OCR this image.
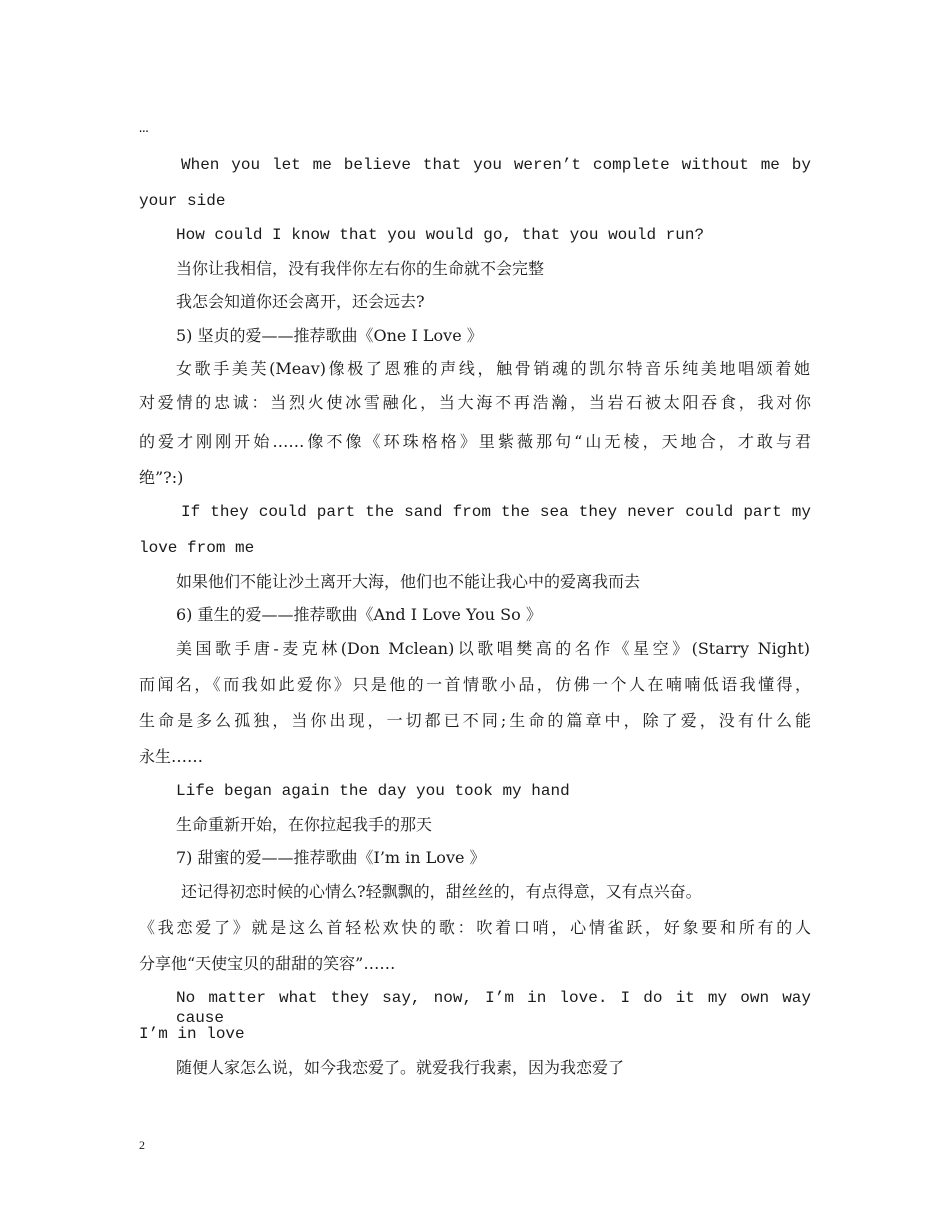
…
When you let me believe that you weren’t complete without me by
your side
How could I know that you would go, that you would run?
当你让我相信，没有我伴你左右你的生命就不会完整
我怎会知道你还会离开，还会远去?
5) 坚贞的爱——推荐歌曲《One I Love 》
女歌手美芙(Meav)像极了恩雅的声线，触骨销魂的凯尔特音乐纯美地唱颂着她
对爱情的忠诚：当烈火使冰雪融化，当大海不再浩瀚，当岩石被太阳吞食，我对你
的爱才刚刚开始……像不像《环珠格格》里紫薇那句“山无棱，天地合，才敢与君
绝”?:)
If they could part the sand from the sea they never could part my
love from me
如果他们不能让沙土离开大海，他们也不能让我心中的爱离我而去
6) 重生的爱——推荐歌曲《And I Love You So 》
美国歌手唐-麦克林(Don Mclean)以歌唱樊高的名作《星空》(Starry Night)
而闻名，《而我如此爱你》只是他的一首情歌小品，仿佛一个人在喃喃低语我懂得，
生命是多么孤独，当你出现，一切都已不同;生命的篇章中，除了爱，没有什么能
永生……
Life began again the day you took my hand
生命重新开始，在你拉起我手的那天
7) 甜蜜的爱——推荐歌曲《I’m in Love 》
还记得初恋时候的心情么?轻飘飘的，甜丝丝的，有点得意，又有点兴奋。
《我恋爱了》就是这么首轻松欢快的歌：吹着口哨，心情雀跃，好象要和所有的人
分享他“天使宝贝的甜甜的笑容”……
No matter what they say, now, I’m in love. I do it my own way cause
I’m in love
随便人家怎么说，如今我恋爱了。就爱我行我素，因为我恋爱了
2
